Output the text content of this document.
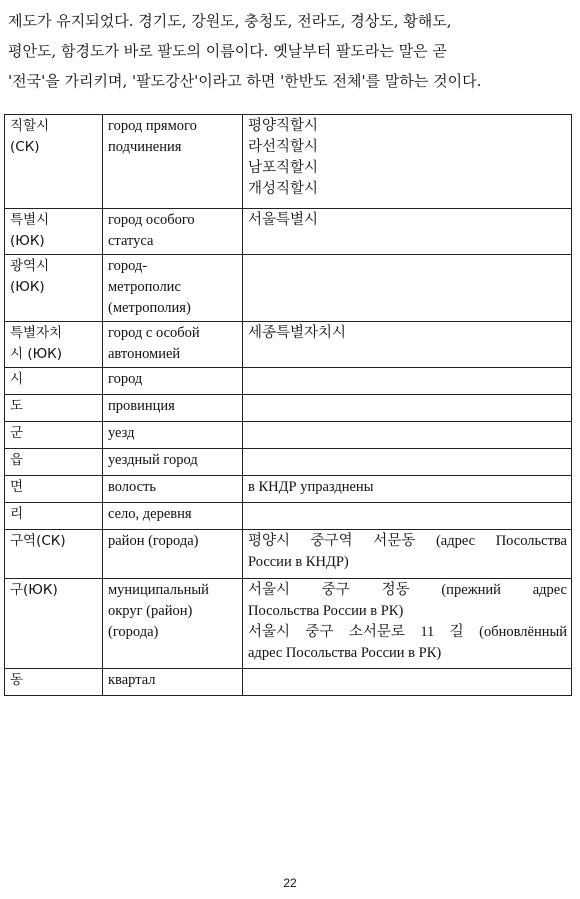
제도가 유지되었다. 경기도, 강원도, 충청도, 전라도, 경상도, 황해도,
평안도, 함경도가 바로 팔도의 이름이다. 옛날부터 팔도라는 말은 곧
'전국'을 가리키며, '팔도강산'이라고 하면 '한반도 전체'를 말하는 것이다.
직할시
(СК)	город прямого
подчинения	평양직할시
라선직할시
남포직할시
개성직할시

특별시
(ЮК)	город особого
статуса	서울특별시

광역시
(ЮК)	город-
метрополис
(метрополия)	

특별자치
시 (ЮК)	город с особой
автономией	세종특별자치시

시	город	
도	провинция	
군	уезд	
읍	уездный город	
면	волость	в КНДР упразднены
리	село, деревня	
구역(СК)	район (города)	평양시 중구역 서문동 (адрес Посольства
России в КНДР)

구(ЮК)	муниципальный
округ (район)
(города)	서울시 중구 정동 (прежний адрес
Посольства России в РК)
서울시 중구 소서문로 11 길 (обновлённый
адрес Посольства России в РК)

동	квартал	
22
